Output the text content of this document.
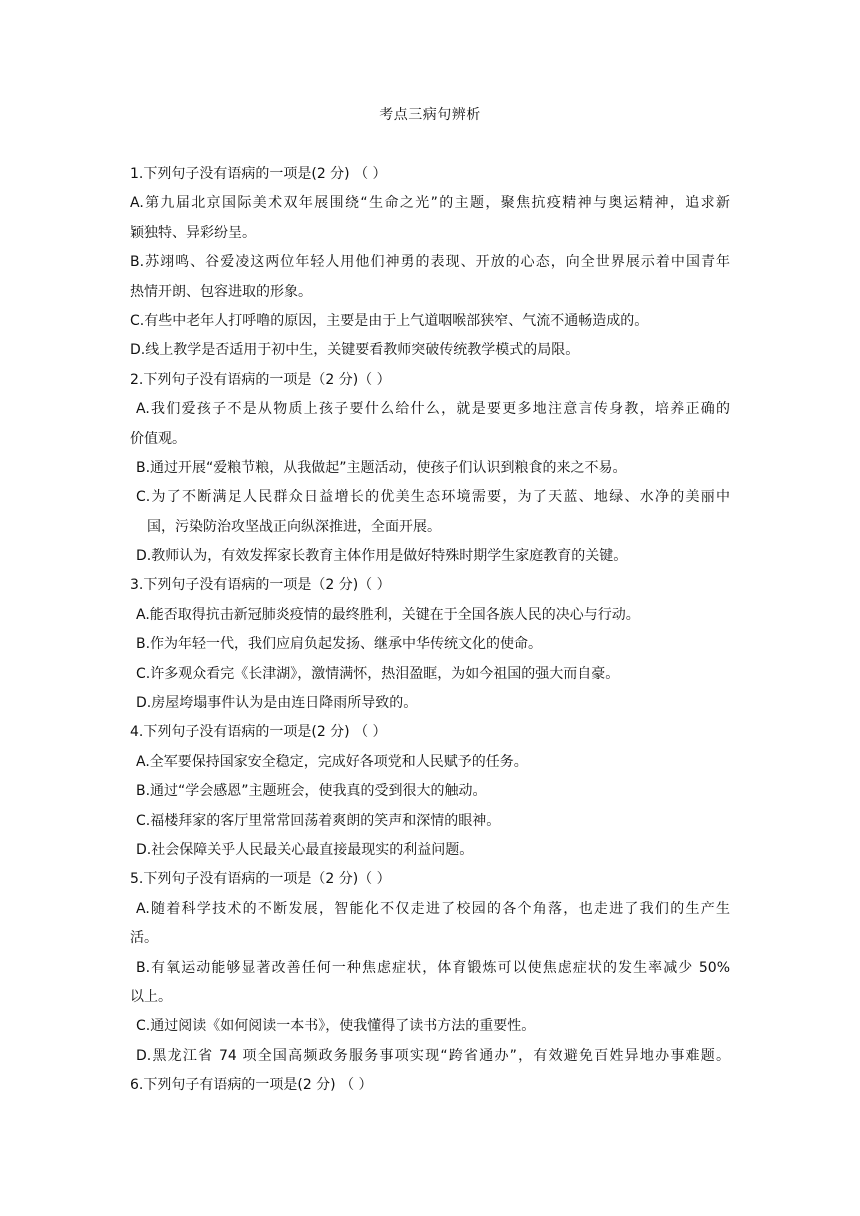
考点三病句辨析
1.下列句子没有语病的一项是(2 分) （ ）
A.第九届北京国际美术双年展围绕“生命之光”的主题，聚焦抗疫精神与奥运精神，追求新
颖独特、异彩纷呈。
B.苏翊鸣、谷爱凌这两位年轻人用他们神勇的表现、开放的心态，向全世界展示着中国青年
热情开朗、包容进取的形象。
C.有些中老年人打呼噜的原因，主要是由于上气道咽喉部狭窄、气流不通畅造成的。
D.线上教学是否适用于初中生，关键要看教师突破传统教学模式的局限。
2.下列句子没有语病的一项是（2 分)（ ）
A.我们爱孩子不是从物质上孩子要什么给什么，就是要更多地注意言传身教，培养正确的
价值观。
B.通过开展“爱粮节粮，从我做起”主题活动，使孩子们认识到粮食的来之不易。
C.为了不断满足人民群众日益增长的优美生态环境需要，为了天蓝、地绿、水净的美丽中
国，污染防治攻坚战正向纵深推进，全面开展。
D.教师认为，有效发挥家长教育主体作用是做好特殊时期学生家庭教育的关键。
3.下列句子没有语病的一项是（2 分)（ ）
A.能否取得抗击新冠肺炎疫情的最终胜利，关键在于全国各族人民的决心与行动。
B.作为年轻一代，我们应肩负起发扬、继承中华传统文化的使命。
C.许多观众看完《长津湖》，激情满怀，热泪盈眶，为如今祖国的强大而自豪。
D.房屋垮塌事件认为是由连日降雨所导致的。
4.下列句子没有语病的一项是(2 分) （ ）
A.全军要保持国家安全稳定，完成好各项党和人民赋予的任务。
B.通过“学会感恩”主题班会，使我真的受到很大的触动。
C.福楼拜家的客厅里常常回荡着爽朗的笑声和深情的眼神。
D.社会保障关乎人民最关心最直接最现实的利益问题。
5.下列句子没有语病的一项是（2 分)（ ）
A.随着科学技术的不断发展，智能化不仅走进了校园的各个角落，也走进了我们的生产生
活。
B.有氧运动能够显著改善任何一种焦虑症状，体育锻炼可以使焦虑症状的发生率减少 50%
以上。
C.通过阅读《如何阅读一本书》，使我懂得了读书方法的重要性。
D.黑龙江省 74 项全国高频政务服务事项实现“跨省通办”，有效避免百姓异地办事难题。
6.下列句子有语病的一项是(2 分) （ ）
